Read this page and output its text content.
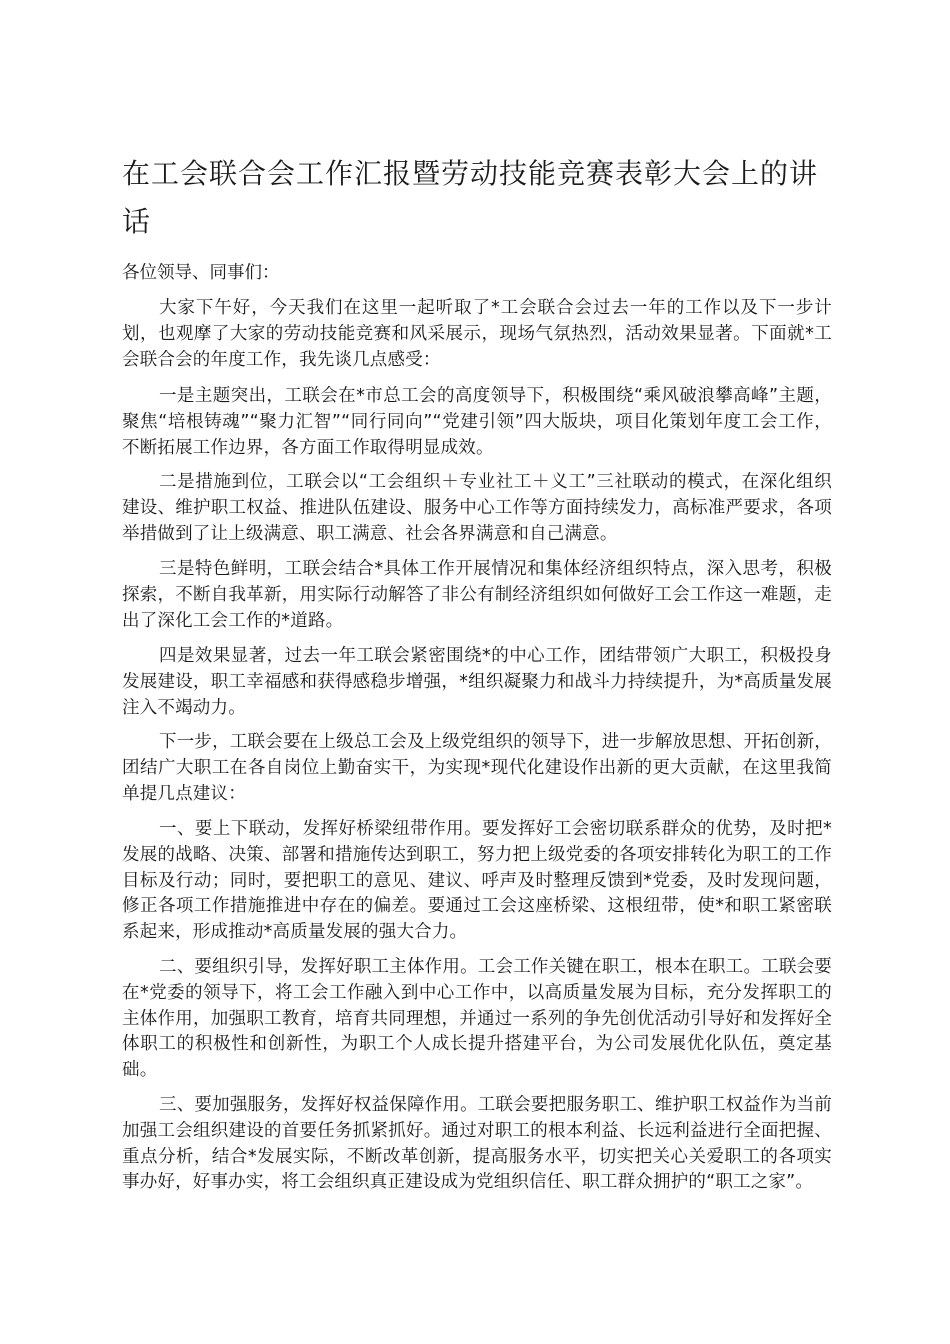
在工会联合会工作汇报暨劳动技能竞赛表彰大会上的讲话

各位领导、同事们：

大家下午好，今天我们在这里一起听取了*工会联合会过去一年的工作以及下一步计划，也观摩了大家的劳动技能竞赛和风采展示，现场气氛热烈，活动效果显著。下面就*工会联合会的年度工作，我先谈几点感受：

一是主题突出，工联会在*市总工会的高度领导下，积极围绕“乘风破浪攀高峰”主题，聚焦“培根铸魂”“聚力汇智”“同行同向”“党建引领”四大版块，项目化策划年度工会工作，不断拓展工作边界，各方面工作取得明显成效。

二是措施到位，工联会以“工会组织＋专业社工＋义工”三社联动的模式，在深化组织建设、维护职工权益、推进队伍建设、服务中心工作等方面持续发力，高标准严要求，各项举措做到了让上级满意、职工满意、社会各界满意和自己满意。

三是特色鲜明，工联会结合*具体工作开展情况和集体经济组织特点，深入思考，积极探索，不断自我革新，用实际行动解答了非公有制经济组织如何做好工会工作这一难题，走出了深化工会工作的*道路。

四是效果显著，过去一年工联会紧密围绕*的中心工作，团结带领广大职工，积极投身发展建设，职工幸福感和获得感稳步增强，*组织凝聚力和战斗力持续提升，为*高质量发展注入不竭动力。

下一步，工联会要在上级总工会及上级党组织的领导下，进一步解放思想、开拓创新，团结广大职工在各自岗位上勤奋实干，为实现*现代化建设作出新的更大贡献，在这里我简单提几点建议：

一、要上下联动，发挥好桥梁纽带作用。要发挥好工会密切联系群众的优势，及时把*发展的战略、决策、部署和措施传达到职工，努力把上级党委的各项安排转化为职工的工作目标及行动；同时，要把职工的意见、建议、呼声及时整理反馈到*党委，及时发现问题，修正各项工作措施推进中存在的偏差。要通过工会这座桥梁、这根纽带，使*和职工紧密联系起来，形成推动*高质量发展的强大合力。

二、要组织引导，发挥好职工主体作用。工会工作关键在职工，根本在职工。工联会要在*党委的领导下，将工会工作融入到中心工作中，以高质量发展为目标，充分发挥职工的主体作用，加强职工教育，培育共同理想，并通过一系列的争先创优活动引导好和发挥好全体职工的积极性和创新性，为职工个人成长提升搭建平台，为公司发展优化队伍，奠定基础。

三、要加强服务，发挥好权益保障作用。工联会要把服务职工、维护职工权益作为当前加强工会组织建设的首要任务抓紧抓好。通过对职工的根本利益、长远利益进行全面把握、重点分析，结合*发展实际，不断改革创新，提高服务水平，切实把关心关爱职工的各项实事办好，好事办实，将工会组织真正建设成为党组织信任、职工群众拥护的“职工之家”。
